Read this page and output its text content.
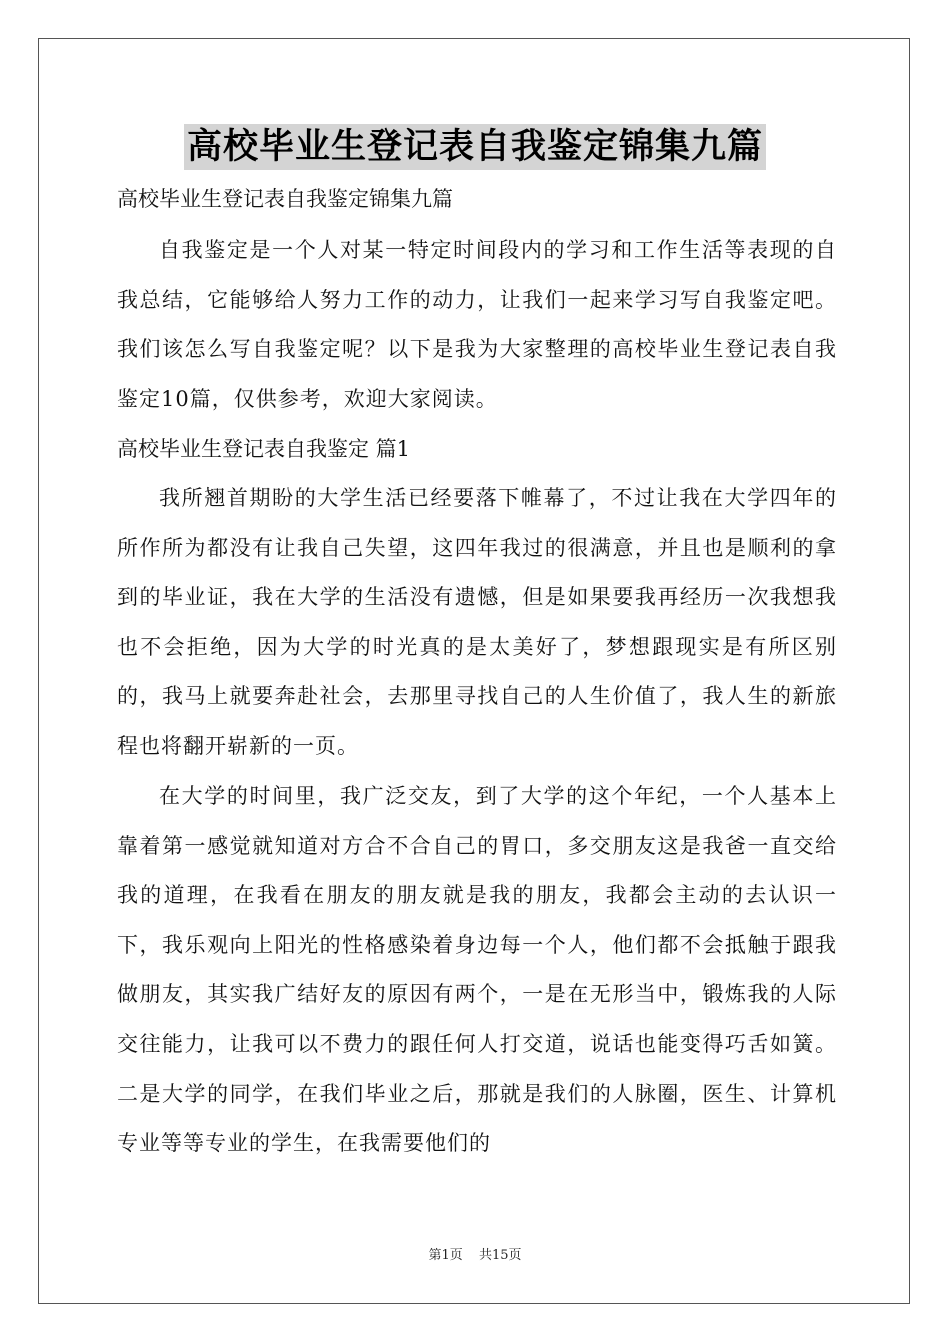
高校毕业生登记表自我鉴定锦集九篇
高校毕业生登记表自我鉴定锦集九篇
自我鉴定是一个人对某一特定时间段内的学习和工作生活等表现的自我总结，它能够给人努力工作的动力，让我们一起来学习写自我鉴定吧。我们该怎么写自我鉴定呢？以下是我为大家整理的高校毕业生登记表自我鉴定10篇，仅供参考，欢迎大家阅读。
高校毕业生登记表自我鉴定 篇1
我所翘首期盼的大学生活已经要落下帷幕了，不过让我在大学四年的所作所为都没有让我自己失望，这四年我过的很满意，并且也是顺利的拿到的毕业证，我在大学的生活没有遗憾，但是如果要我再经历一次我想我也不会拒绝，因为大学的时光真的是太美好了，梦想跟现实是有所区别的，我马上就要奔赴社会，去那里寻找自己的人生价值了，我人生的新旅程也将翻开崭新的一页。
在大学的时间里，我广泛交友，到了大学的这个年纪，一个人基本上靠着第一感觉就知道对方合不合自己的胃口，多交朋友这是我爸一直交给我的道理，在我看在朋友的朋友就是我的朋友，我都会主动的去认识一下，我乐观向上阳光的性格感染着身边每一个人，他们都不会抵触于跟我做朋友，其实我广结好友的原因有两个，一是在无形当中，锻炼我的人际交往能力，让我可以不费力的跟任何人打交道，说话也能变得巧舌如簧。二是大学的同学，在我们毕业之后，那就是我们的人脉圈，医生、计算机专业等等专业的学生，在我需要他们的
第1页 共15页
